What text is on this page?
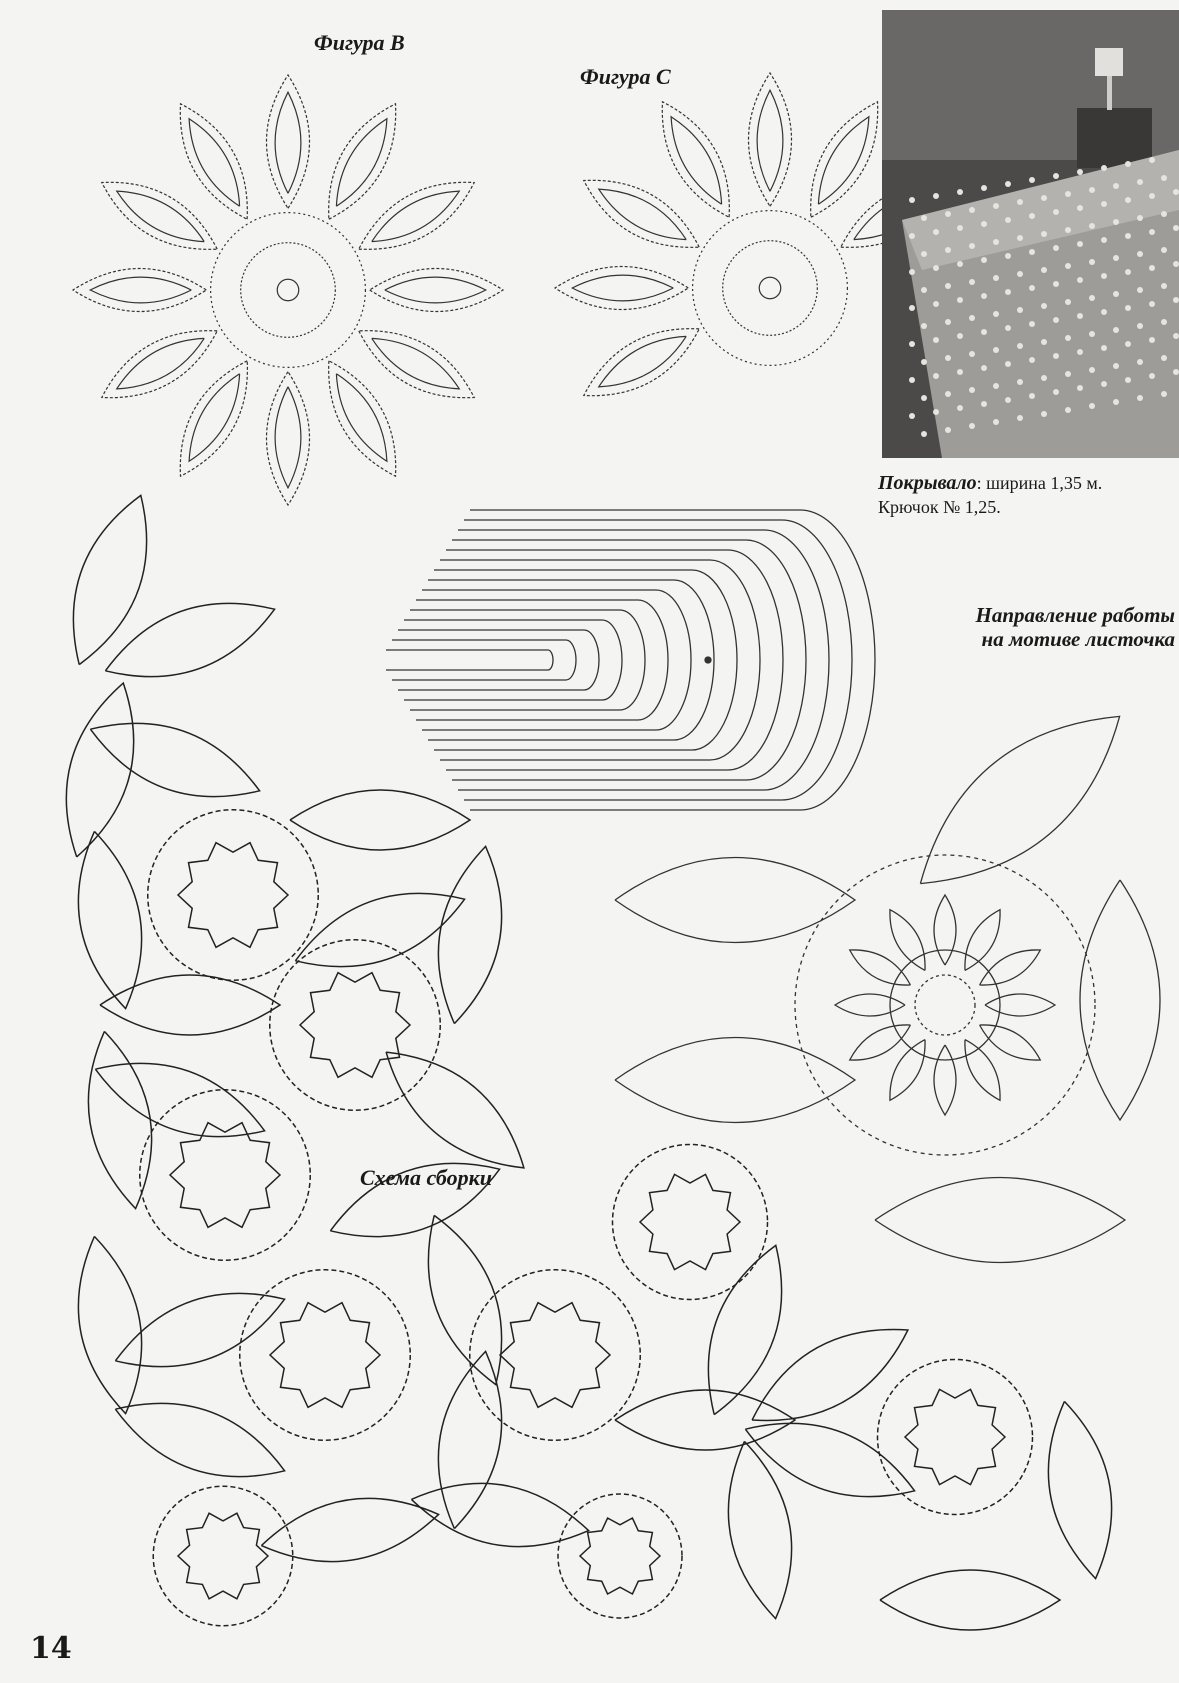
Фигура В
Фигура С
Покрывало: ширина 1,35 м.
Крючок № 1,25.
Направление работы
на мотиве листочка
Схема сборки
14
